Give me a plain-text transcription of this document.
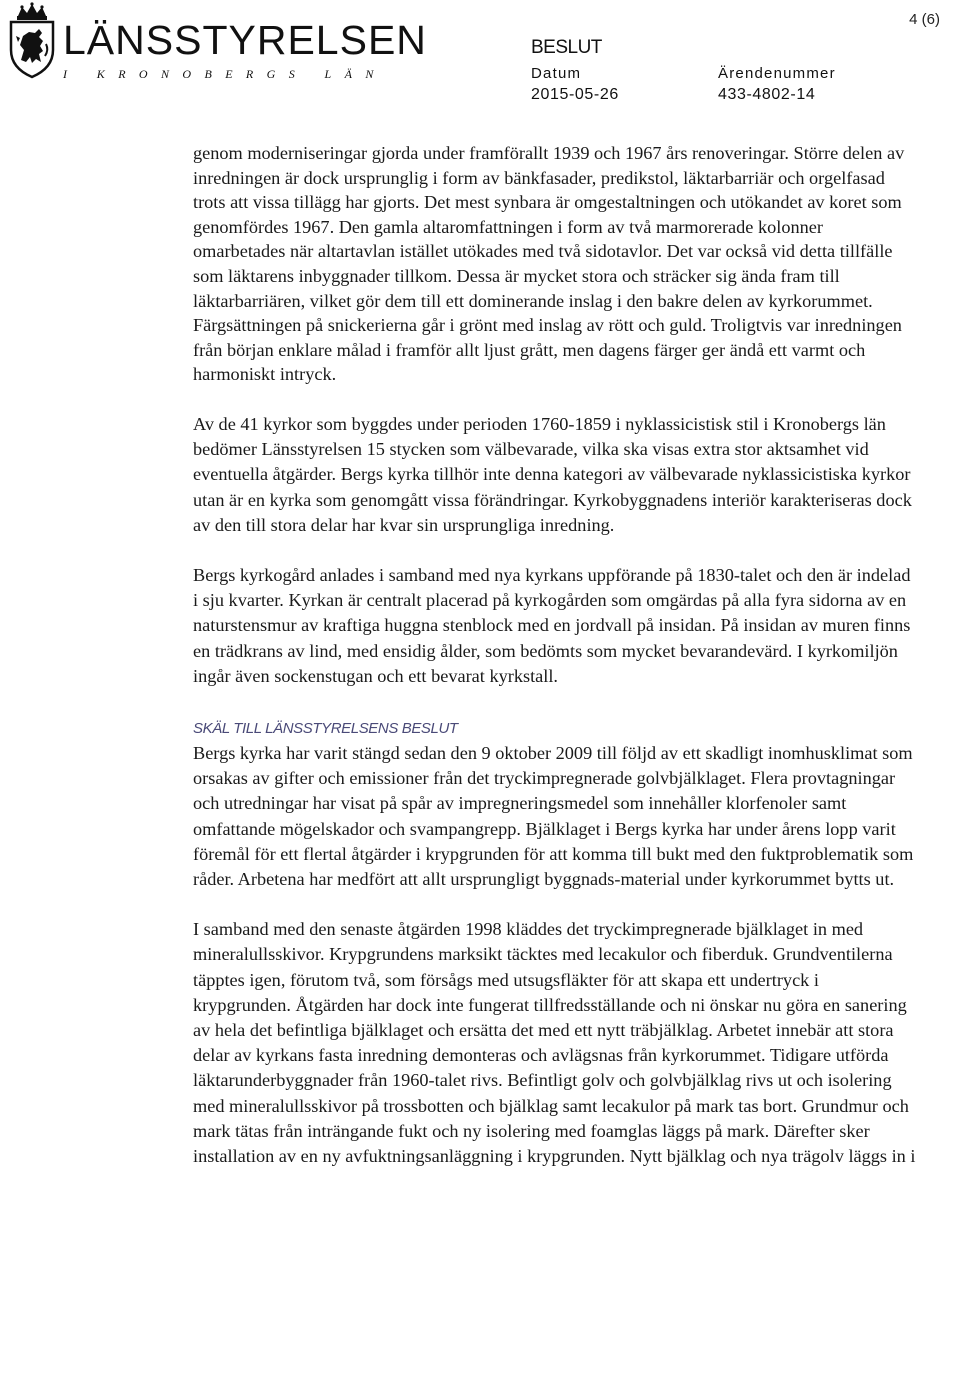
4 (6)
LÄNSSTYRELSEN
I KRONOBERGS LÄN
BESLUT
Datum
2015-05-26
Ärendenummer
433-4802-14

genom moderniseringar gjorda under framförallt 1939 och 1967 års renoveringar. Större delen av inredningen är dock ursprunglig i form av bänkfasader, predikstol, läktarbarriär och orgelfasad trots att vissa tillägg har gjorts. Det mest synbara är omgestaltningen och utökandet av koret som genomfördes 1967. Den gamla altaromfattningen i form av två marmorerade kolonner omarbetades när altartavlan istället utökades med två sidotavlor. Det var också vid detta tillfälle som läktarens inbyggnader tillkom. Dessa är mycket stora och sträcker sig ända fram till läktarbarriären, vilket gör dem till ett dominerande inslag i den bakre delen av kyrkorummet. Färgsättningen på snickerierna går i grönt med inslag av rött och guld. Troligtvis var inredningen från början enklare målad i framför allt ljust grått, men dagens färger ger ändå ett varmt och harmoniskt intryck.

Av de 41 kyrkor som byggdes under perioden 1760-1859 i nyklassicistisk stil i Kronobergs län bedömer Länsstyrelsen 15 stycken som välbevarade, vilka ska visas extra stor aktsamhet vid eventuella åtgärder. Bergs kyrka tillhör inte denna kategori av välbevarade nyklassicistiska kyrkor utan är en kyrka som genomgått vissa förändringar. Kyrkobyggnadens interiör karakteriseras dock av den till stora delar har kvar sin ursprungliga inredning.

Bergs kyrkogård anlades i samband med nya kyrkans uppförande på 1830-talet och den är indelad i sju kvarter. Kyrkan är centralt placerad på kyrkogården som omgärdas på alla fyra sidorna av en naturstensmur av kraftiga huggna stenblock med en jordvall på insidan. På insidan av muren finns en trädkrans av lind, med ensidig ålder, som bedömts som mycket bevarandevärd. I kyrkomiljön ingår även sockenstugan och ett bevarat kyrkstall.

SKÄL TILL LÄNSSTYRELSENS BESLUT

Bergs kyrka har varit stängd sedan den 9 oktober 2009 till följd av ett skadligt inomhusklimat som orsakas av gifter och emissioner från det tryckimpregnerade golvbjälklaget. Flera provtagningar och utredningar har visat på spår av impregneringsmedel som innehåller klorfenoler samt omfattande mögelskador och svampangrepp. Bjälklaget i Bergs kyrka har under årens lopp varit föremål för ett flertal åtgärder i krypgrunden för att komma till bukt med den fuktproblematik som råder. Arbetena har medfört att allt ursprungligt byggnads-material under kyrkorummet bytts ut.

I samband med den senaste åtgärden 1998 kläddes det tryckimpregnerade bjälklaget in med mineralullsskivor. Krypgrundens marksikt täcktes med lecakulor och fiberduk. Grundventilerna täpptes igen, förutom två, som försågs med utsugsfläkter för att skapa ett undertryck i krypgrunden. Åtgärden har dock inte fungerat tillfredsställande och ni önskar nu göra en sanering av hela det befintliga bjälklaget och ersätta det med ett nytt träbjälklag. Arbetet innebär att stora delar av kyrkans fasta inredning demonteras och avlägsnas från kyrkorummet. Tidigare utförda läktarunderbyggnader från 1960-talet rivs. Befintligt golv och golvbjälklag rivs ut och isolering med mineralullsskivor på trossbotten och bjälklag samt lecakulor på mark tas bort. Grundmur och mark tätas från inträngande fukt och ny isolering med foamglas läggs på mark. Därefter sker installation av en ny avfuktningsanläggning i krypgrunden. Nytt bjälklag och nya trägolv läggs in i
